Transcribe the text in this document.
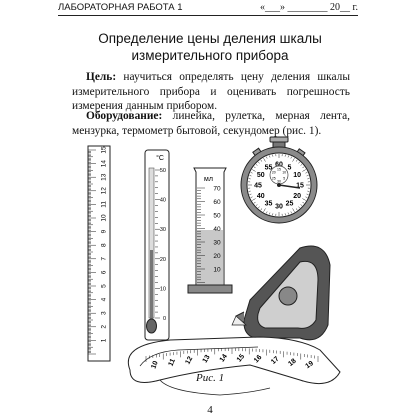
ЛАБОРАТОРНАЯ РАБОТА 1	«___» ________ 20__ г.
Определение цены деления шкалы
измерительного прибора
Цель: научиться определять цену деления шкалы измерительного прибора и оценивать погрешность измерения данным прибором.
Оборудование: линейка, рулетка, мерная лента, мензурка, термометр бытовой, секундомер (рис. 1).
1
2
3
4
5
6
7
8
9
10
11
12
13
14
15
°C
50
40
30
20
10
0
мл
70
60
50
40
30
20
10
60 5
10
15
20
25
30
35
40
45
50
55 15
10
5
30
25
20
10 11 12 13 14 15 16 17 18 19
Рис. 1
4
